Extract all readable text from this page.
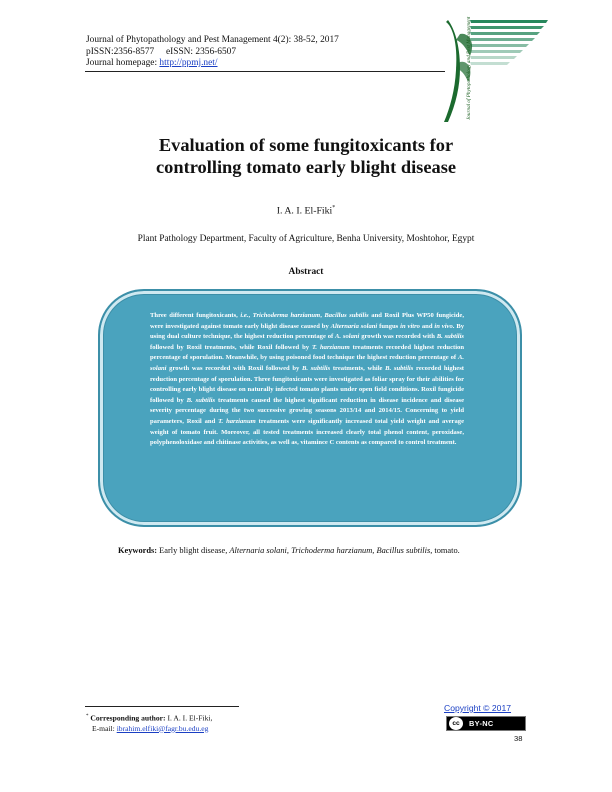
Journal of Phytopathology and Pest Management 4(2): 38-52, 2017
pISSN:2356-8577     eISSN: 2356-6507
Journal homepage: http://ppmj.net/	Journal of Phytopathology and Pest Management
Evaluation of some fungitoxicants for
controlling tomato early blight disease
I. A. I. El-Fiki*
Plant Pathology Department, Faculty of Agriculture, Benha University, Moshtohor, Egypt
Abstract
Three different fungitoxicants, i.e., Trichoderma harzianum, Bacillus subtilis and Roxil Plus WP50 fungicide, were investigated against tomato early blight disease caused by Alternaria solani fungus in vitro and in vivo. By using dual culture technique, the highest reduction percentage of A. solani growth was recorded with B. subtilis followed by Roxil treatments, while Roxil followed by T. harzianum treatments recorded highest reduction percentage of sporulation. Meanwhile, by using poisoned food technique the highest reduction percentage of A. solani growth was recorded with Roxil followed by B. subtilis treatments, while B. subtilis recorded highest reduction percentage of sporulation. Three fungitoxicants were investigated as foliar spray for their abilities for controlling early blight disease on naturally infected tomato plants under open field conditions. Roxil fungicide followed by B. subtilis treatments caused the highest significant reduction in disease incidence and disease severity percentage during the two successive growing seasons 2013/14 and 2014/15. Concerning to yield parameters, Roxil and T. harzianum treatments were significantly increased total yield weight and average weight of tomato fruit. Moreover, all tested treatments increased clearly total phenol content, peroxidase, polyphenoloxidase and chitinase activities, as well as, vitamince C contents as compared to control treatment.
Keywords: Early blight disease, Alternaria solani, Trichoderma harzianum, Bacillus subtilis, tomato.
* Corresponding author: I. A. I. El-Fiki,
E-mail: ibrahim.elfiki@fagr.bu.edu.eg
Copyright © 2017
cc	BY-NC
38
